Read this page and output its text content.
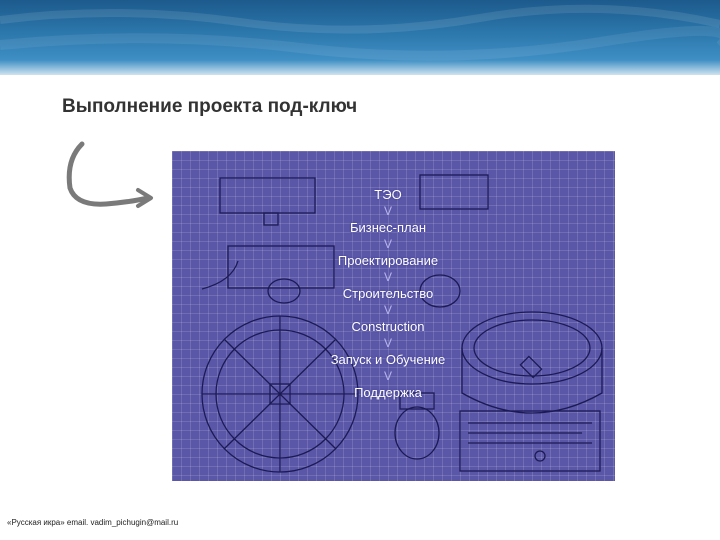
Выполнение проекта под-ключ
ТЭО
V
Бизнес-план
V
Проектирование
V
Строительство
V
Construction
V
Запуск и Обучение
V
Поддержка
«Русская икра» email. vadim_pichugin@mail.ru
